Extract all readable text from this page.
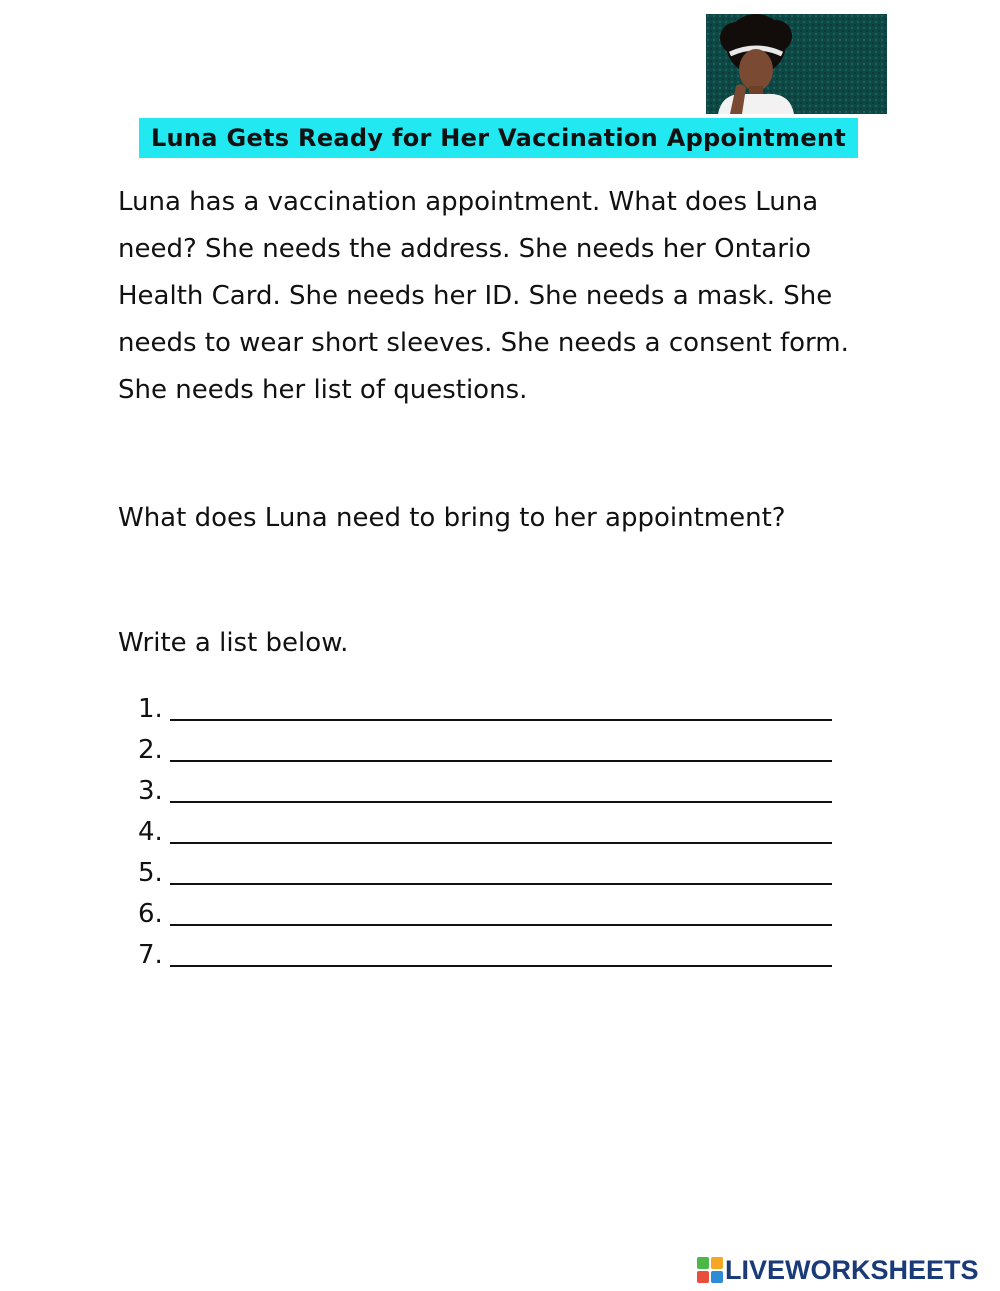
Luna Gets Ready for Her Vaccination Appointment

Luna has a vaccination appointment. What does Luna need? She needs the address. She needs her Ontario Health Card. She needs her ID. She needs a mask. She needs to wear short sleeves. She needs a consent form. She needs her list of questions.

What does Luna need to bring to her appointment?

Write a list below.

1.
2.
3.
4.
5.
6.
7.
LIVEWORKSHEETS
